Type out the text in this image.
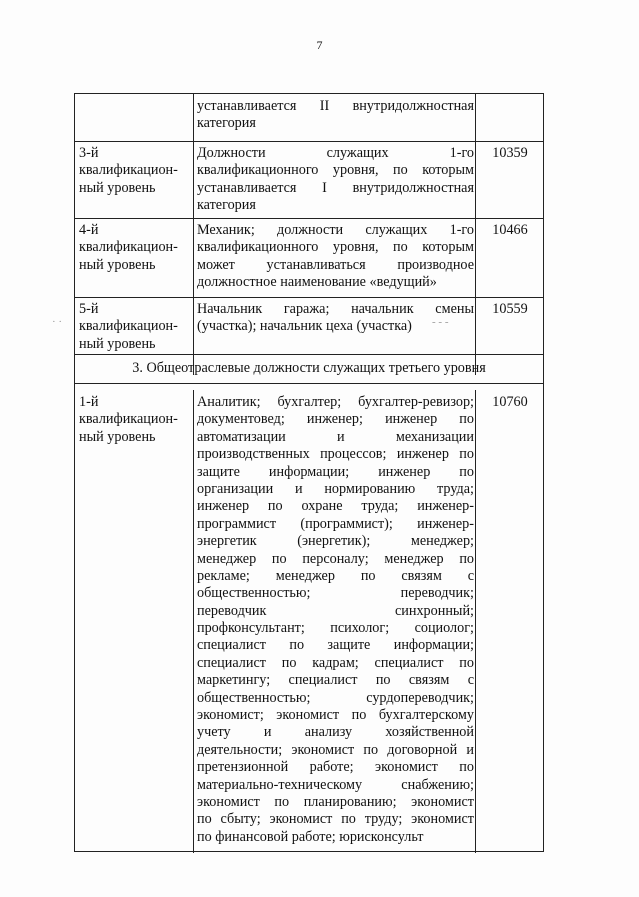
7
устанавливается II внутридолжностная
категория
3-й
квалификацион-
ный уровень
Должности служащих 1-го
квалификационного уровня, по которым
устанавливается I внутридолжностная
категория
10359
4-й
квалификацион-
ный уровень
Механик; должности служащих 1-го
квалификационного уровня, по которым
может устанавливаться производное
должностное наименование «ведущий»
10466
5-й
квалификацион-
ный уровень
Начальник гаража; начальник смены
(участка); начальник цеха (участка)
10559
3. Общеотраслевые должности служащих третьего уровня
1-й
квалификацион-
ный уровень
Аналитик; бухгалтер; бухгалтер-ревизор;
документовед; инженер; инженер по
автоматизации и механизации
производственных процессов; инженер по
защите информации; инженер по
организации и нормированию труда;
инженер по охране труда; инженер-
программист (программист); инженер-
энергетик (энергетик); менеджер;
менеджер по персоналу; менеджер по
рекламе; менеджер по связям с
общественностью; переводчик;
переводчик синхронный;
профконсультант; психолог; социолог;
специалист по защите информации;
специалист по кадрам; специалист по
маркетингу; специалист по связям с
общественностью; сурдопереводчик;
экономист; экономист по бухгалтерскому
учету и анализу хозяйственной
деятельности; экономист по договорной и
претензионной работе; экономист по
материально-техническому снабжению;
экономист по планированию; экономист
по сбыту; экономист по труду; экономист
по финансовой работе; юрисконсульт
10760
· ·	- - -
